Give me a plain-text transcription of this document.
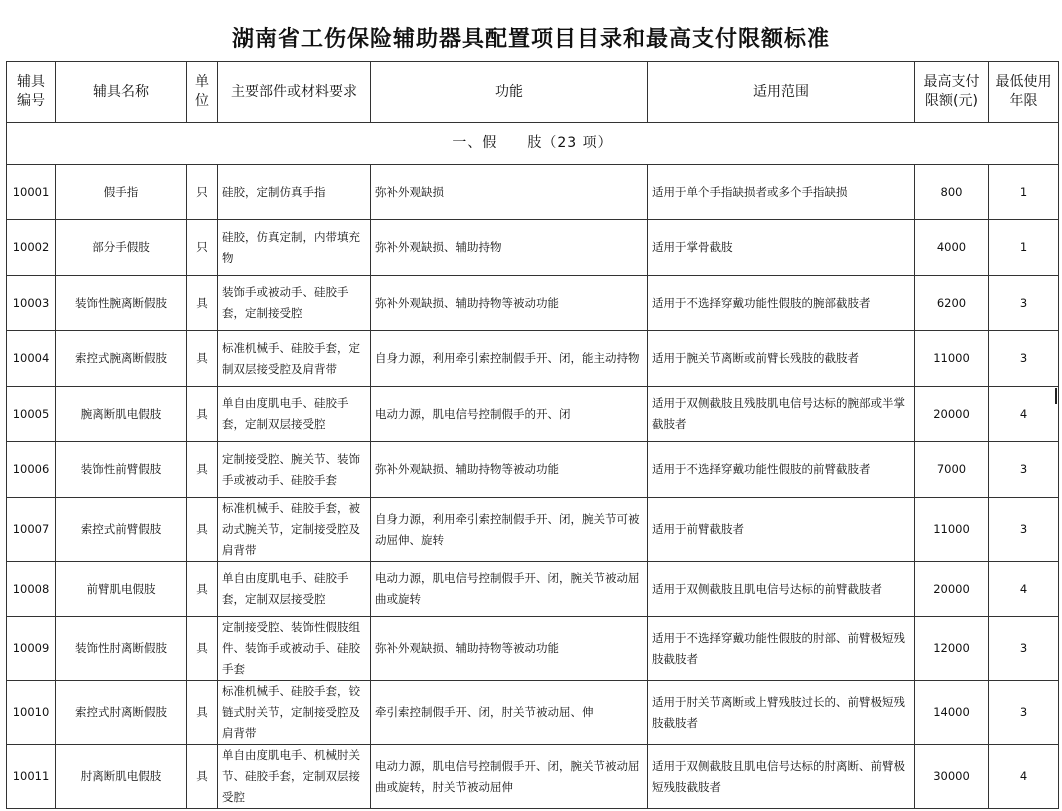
湖南省工伤保险辅助器具配置项目目录和最高支付限额标准
辅具编号	辅具名称	单位	主要部件或材料要求	功能	适用范围	最高支付限额(元)	最低使用年限
一、假　　肢（23 项）							
10001	假手指	只	硅胶，定制仿真手指	弥补外观缺损	适用于单个手指缺损者或多个手指缺损	800	1
10002	部分手假肢	只	硅胶，仿真定制，内带填充物	弥补外观缺损、辅助持物	适用于掌骨截肢	4000	1
10003	装饰性腕离断假肢	具	装饰手或被动手、硅胶手套，定制接受腔	弥补外观缺损、辅助持物等被动功能	适用于不选择穿戴功能性假肢的腕部截肢者	6200	3
10004	索控式腕离断假肢	具	标准机械手、硅胶手套，定制双层接受腔及肩背带	自身力源，利用牵引索控制假手开、闭，能主动持物	适用于腕关节离断或前臂长残肢的截肢者	11000	3
10005	腕离断肌电假肢	具	单自由度肌电手、硅胶手套，定制双层接受腔	电动力源，肌电信号控制假手的开、闭	适用于双侧截肢且残肢肌电信号达标的腕部或半掌截肢者	20000	4
10006	装饰性前臂假肢	具	定制接受腔、腕关节、装饰手或被动手、硅胶手套	弥补外观缺损、辅助持物等被动功能	适用于不选择穿戴功能性假肢的前臂截肢者	7000	3
10007	索控式前臂假肢	具	标准机械手、硅胶手套，被动式腕关节，定制接受腔及肩背带	自身力源，利用牵引索控制假手开、闭，腕关节可被动屈伸、旋转	适用于前臂截肢者	11000	3
10008	前臂肌电假肢	具	单自由度肌电手、硅胶手套，定制双层接受腔	电动力源，肌电信号控制假手开、闭，腕关节被动屈曲或旋转	适用于双侧截肢且肌电信号达标的前臂截肢者	20000	4
10009	装饰性肘离断假肢	具	定制接受腔、装饰性假肢组件、装饰手或被动手、硅胶手套	弥补外观缺损、辅助持物等被动功能	适用于不选择穿戴功能性假肢的肘部、前臂极短残肢截肢者	12000	3
10010	索控式肘离断假肢	具	标准机械手、硅胶手套，铰链式肘关节，定制接受腔及肩背带	牵引索控制假手开、闭，肘关节被动屈、伸	适用于肘关节离断或上臂残肢过长的、前臂极短残肢截肢者	14000	3
10011	肘离断肌电假肢	具	单自由度肌电手、机械肘关节、硅胶手套，定制双层接受腔	电动力源，肌电信号控制假手开、闭，腕关节被动屈曲或旋转，肘关节被动屈伸	适用于双侧截肢且肌电信号达标的肘离断、前臂极短残肢截肢者	30000	4
